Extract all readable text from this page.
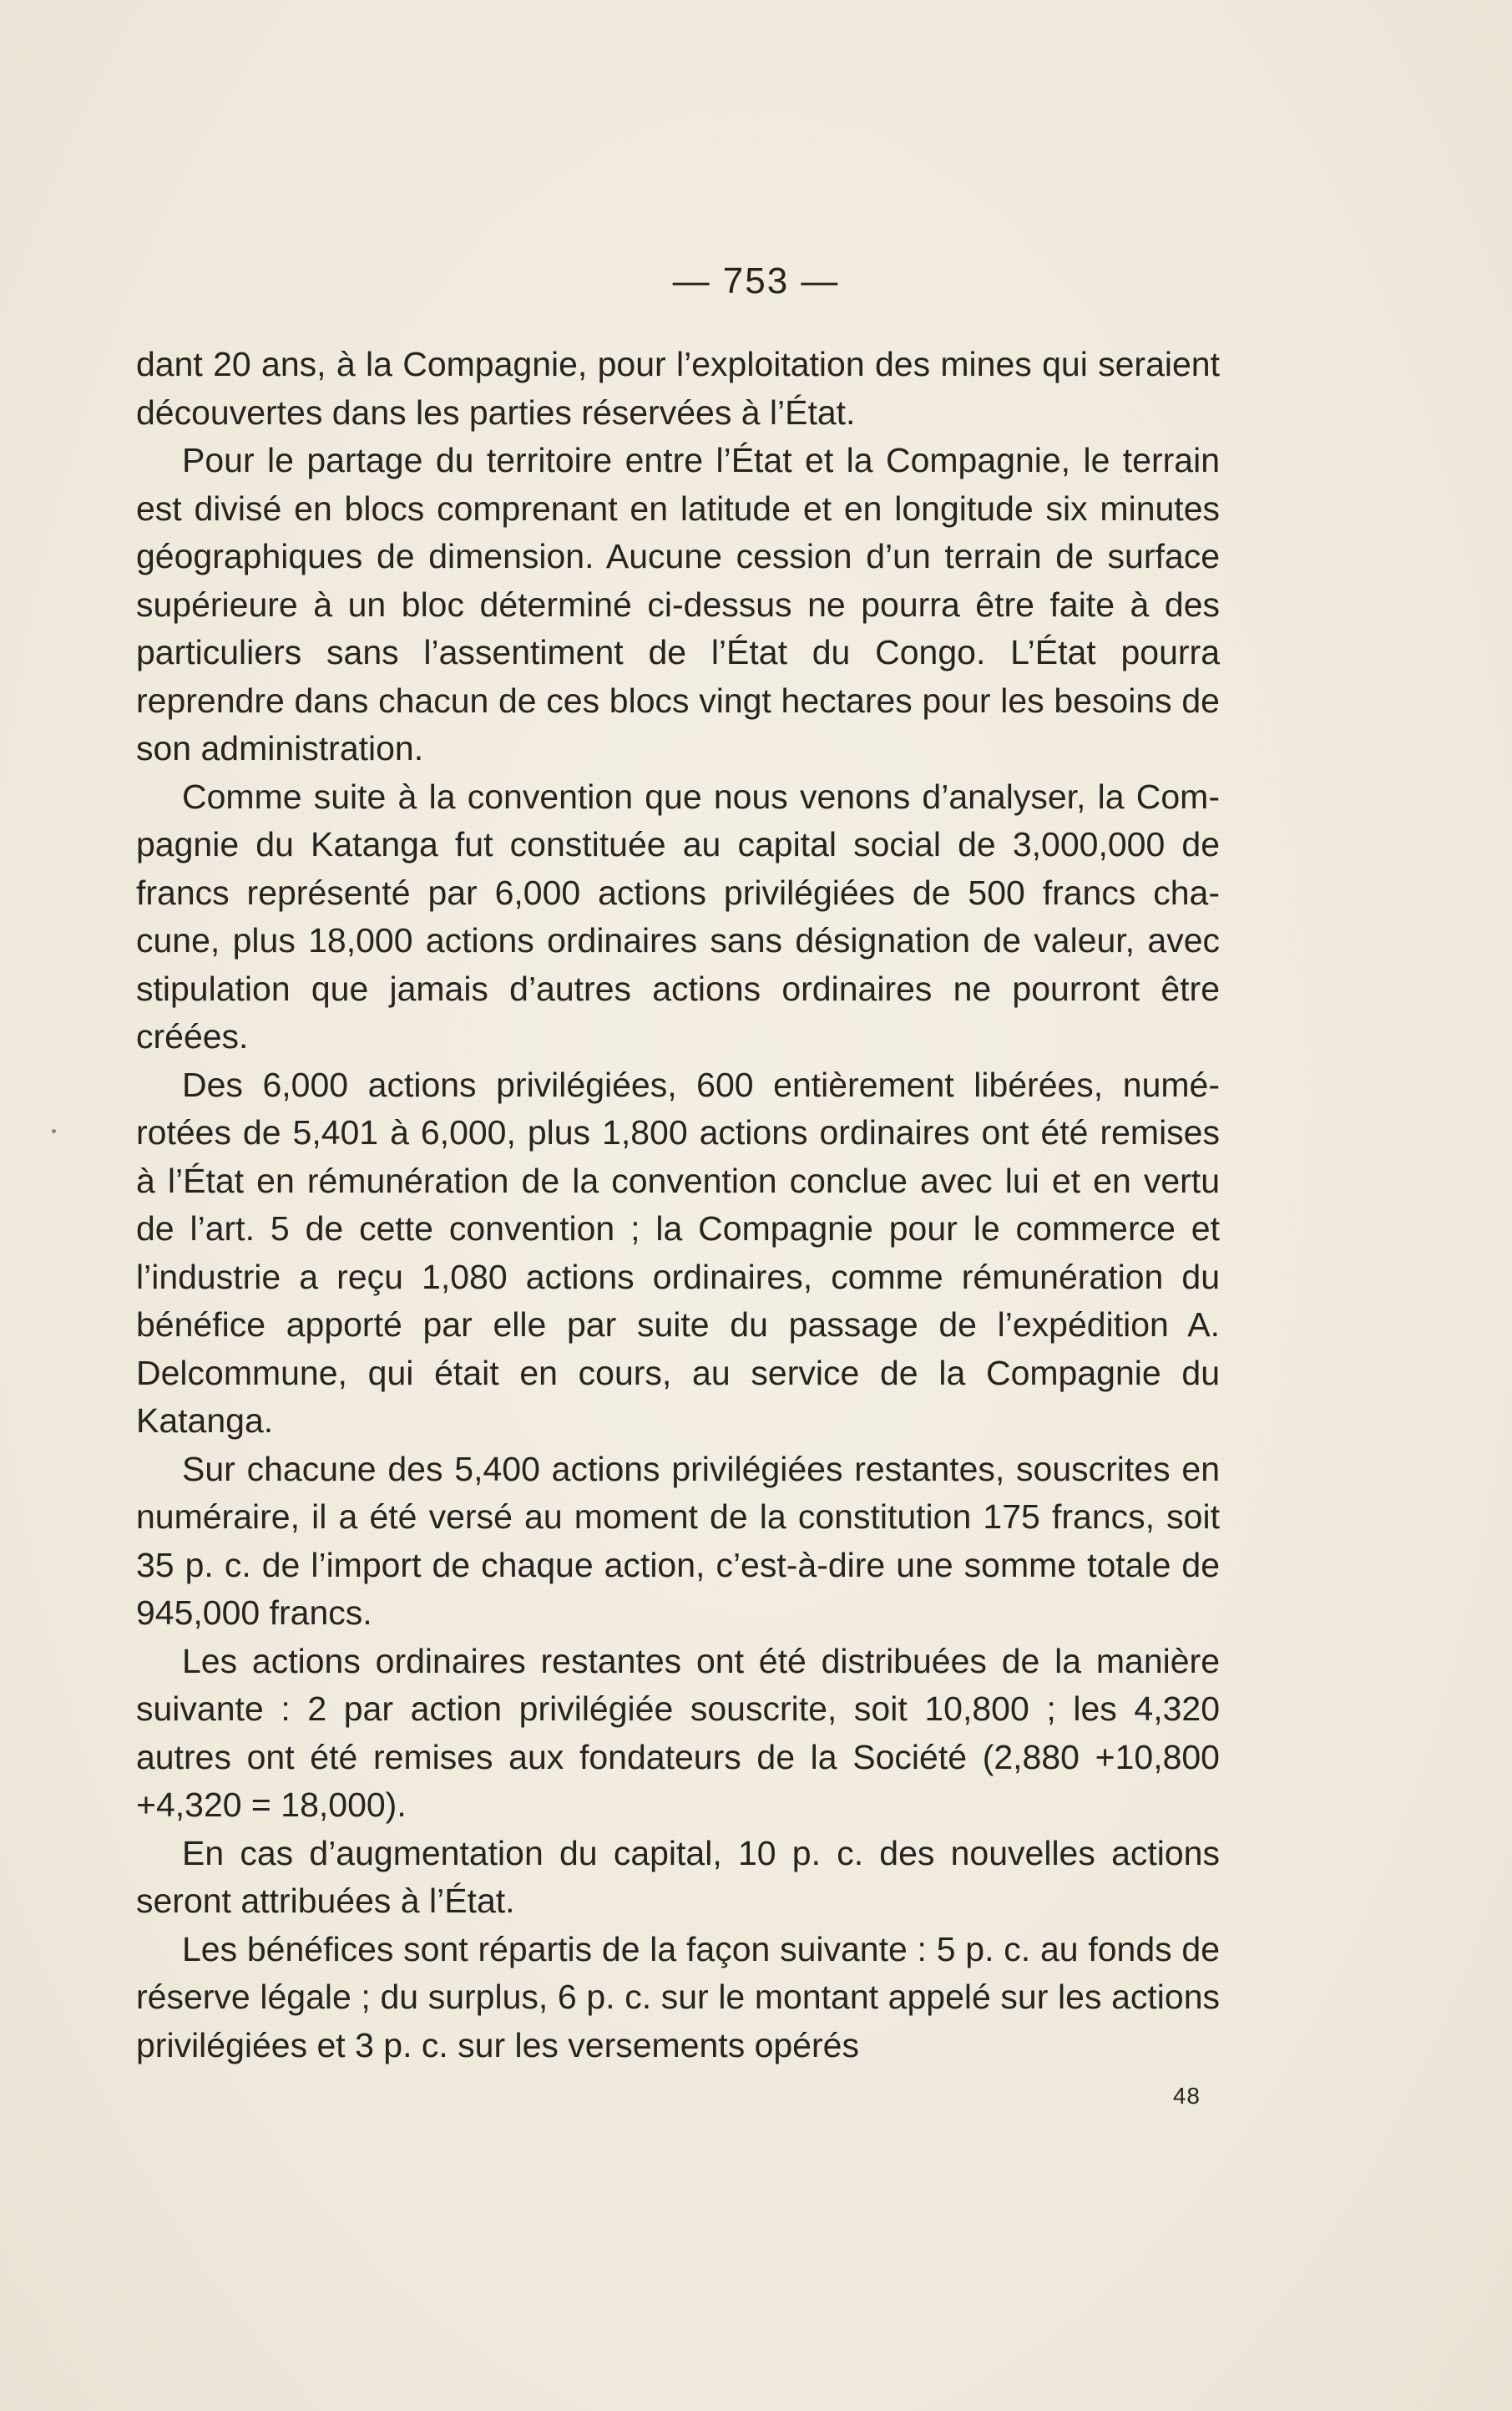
— 753 —

dant 20 ans, à la Compagnie, pour l’exploitation des mines qui seraient découvertes dans les parties réservées à l’État.

Pour le partage du territoire entre l’État et la Compagnie, le terrain est divisé en blocs comprenant en latitude et en longitude six minutes géographiques de dimension. Aucune cession d’un terrain de surface supérieure à un bloc déterminé ci-dessus ne pourra être faite à des particuliers sans l’assentiment de l’État du Congo. L’État pourra reprendre dans chacun de ces blocs vingt hectares pour les besoins de son administration.

Comme suite à la convention que nous venons d’analyser, la Compagnie du Katanga fut constituée au capital social de 3,000,000 de francs représenté par 6,000 actions privilégiées de 500 francs chacune, plus 18,000 actions ordinaires sans désignation de valeur, avec stipulation que jamais d’autres actions ordinaires ne pourront être créées.

Des 6,000 actions privilégiées, 600 entièrement libérées, numérotées de 5,401 à 6,000, plus 1,800 actions ordinaires ont été remises à l’État en rémunération de la convention conclue avec lui et en vertu de l’art. 5 de cette convention ; la Compagnie pour le commerce et l’industrie a reçu 1,080 actions ordinaires, comme rémunération du bénéfice apporté par elle par suite du passage de l’expédition A. Delcommune, qui était en cours, au service de la Compagnie du Katanga.

Sur chacune des 5,400 actions privilégiées restantes, souscrites en numéraire, il a été versé au moment de la constitution 175 francs, soit 35 p. c. de l’import de chaque action, c’est-à-dire une somme totale de 945,000 francs.

Les actions ordinaires restantes ont été distribuées de la manière suivante : 2 par action privilégiée souscrite, soit 10,800 ; les 4,320 autres ont été remises aux fondateurs de la Société (2,880 +10,800 +4,320 = 18,000).

En cas d’augmentation du capital, 10 p. c. des nouvelles actions seront attribuées à l’État.

Les bénéfices sont répartis de la façon suivante : 5 p. c. au fonds de réserve légale ; du surplus, 6 p. c. sur le montant appelé sur les actions privilégiées et 3 p. c. sur les versements opérés

48
